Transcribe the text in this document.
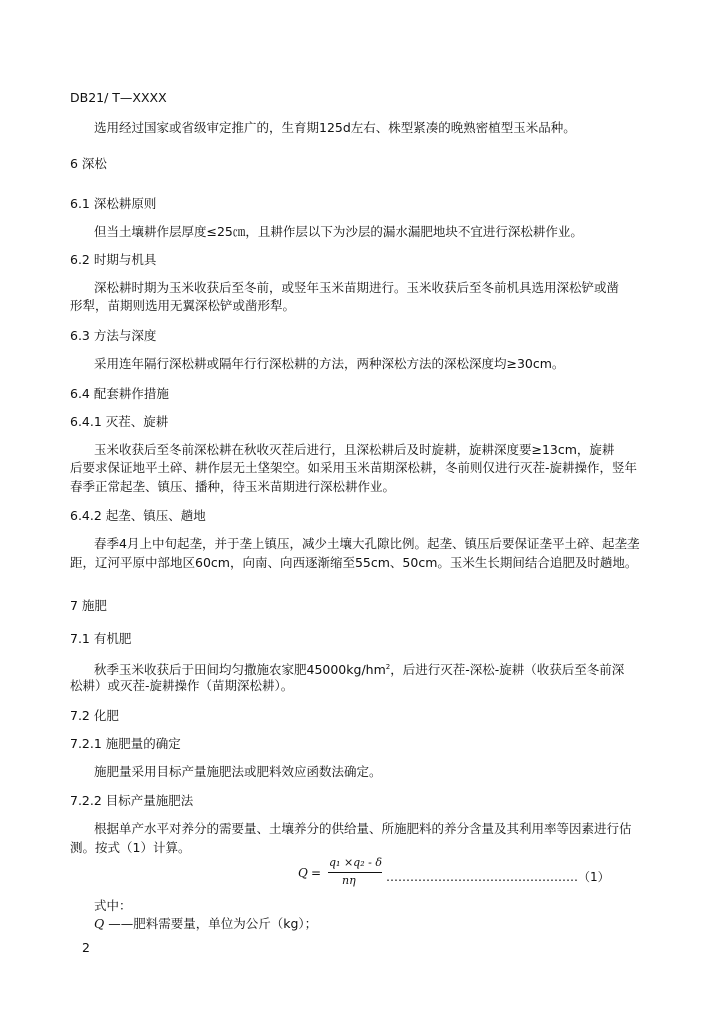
DB21/ T—XXXX
选用经过国家或省级审定推广的，生育期125d左右、株型紧凑的晚熟密植型玉米品种。
6 深松
6.1 深松耕原则
但当土壤耕作层厚度≤25㎝，且耕作层以下为沙层的漏水漏肥地块不宜进行深松耕作业。
6.2 时期与机具
深松耕时期为玉米收获后至冬前，或竖年玉米苗期进行。玉米收获后至冬前机具选用深松铲或凿
形犁，苗期则选用无翼深松铲或凿形犁。
6.3 方法与深度
采用连年隔行深松耕或隔年行行深松耕的方法，两种深松方法的深松深度均≥30cm。
6.4 配套耕作措施
6.4.1 灭茬、旋耕
玉米收获后至冬前深松耕在秋收灭茬后进行，且深松耕后及时旋耕，旋耕深度要≥13cm，旋耕
后要求保证地平土碎、耕作层无土垡架空。如采用玉米苗期深松耕，冬前则仅进行灭茬-旋耕操作，竖年
春季正常起垄、镇压、播种，待玉米苗期进行深松耕作业。
6.4.2 起垄、镇压、趟地
春季4月上中旬起垄，并于垄上镇压，减少土壤大孔隙比例。起垄、镇压后要保证垄平土碎、起垄垄
距，辽河平原中部地区60cm，向南、向西逐渐缩至55cm、50cm。玉米生长期间结合追肥及时趟地。
7 施肥
7.1 有机肥
秋季玉米收获后于田间均匀撒施农家肥$45000kg/hm^2$，后进行灭茬-深松-旋耕（收获后至冬前深
松耕）或灭茬-旋耕操作（苗期深松耕）。
7.2 化肥
7.2.1 施肥量的确定
施肥量采用目标产量施肥法或肥料效应函数法确定。
7.2.2 目标产量施肥法
根据单产水平对养分的需要量、土壤养分的供给量、所施肥料的养分含量及其利用率等因素进行估
测。按式（1）计算。
Q =
q₁ ×q₂ - δ
nη	…………………………………………（1）
式中：
Q ——肥料需要量，单位为公斤（kg）；
2
